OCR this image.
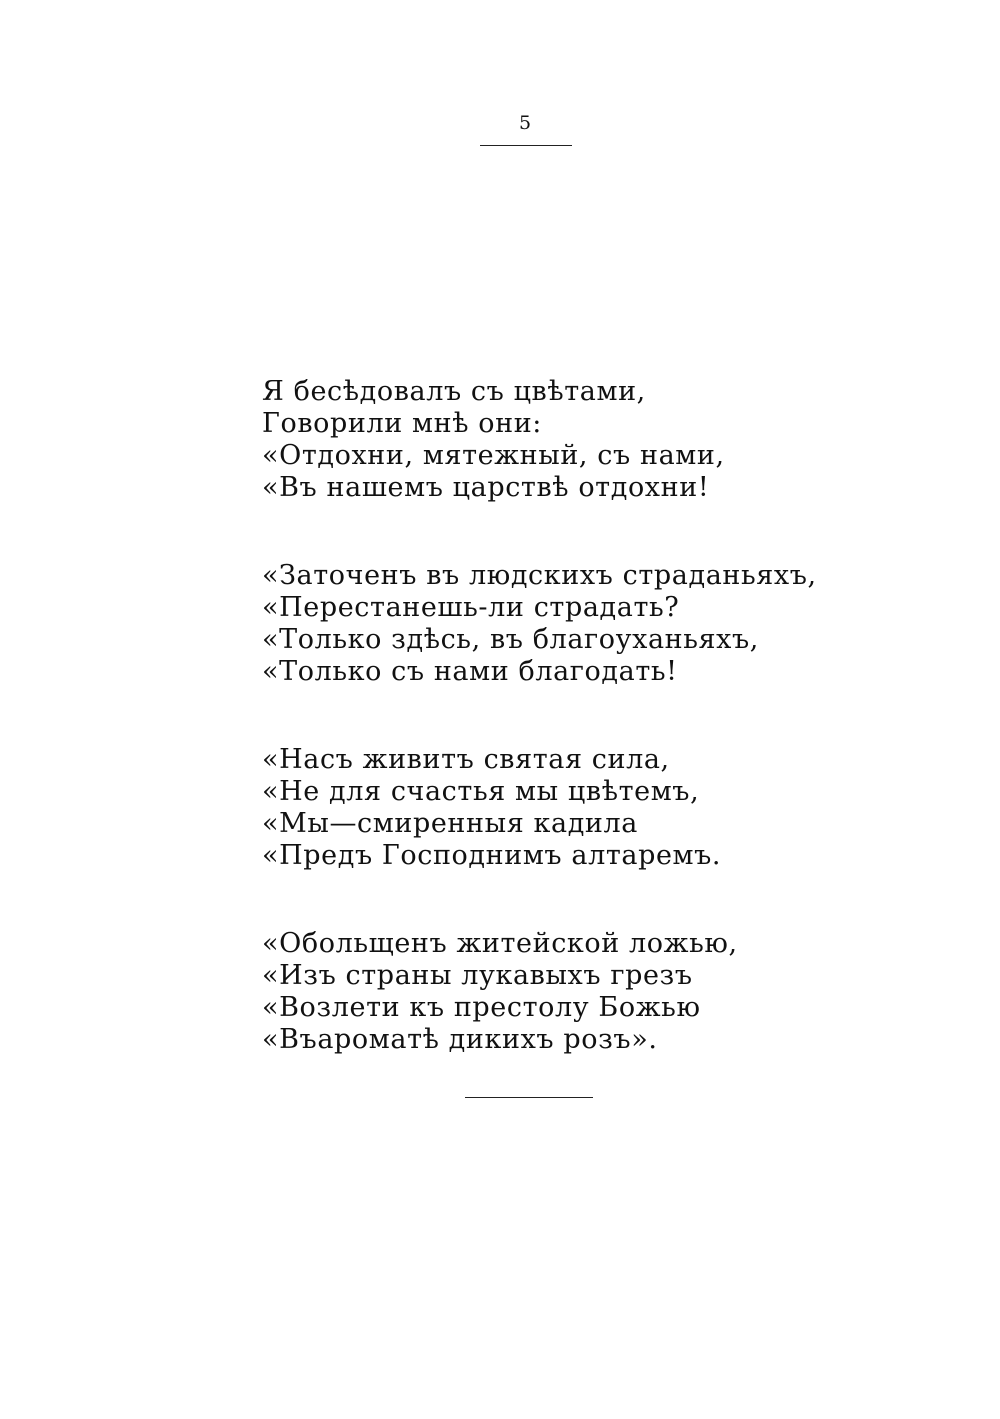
5
Я бесѣдовалъ съ цвѣтами,
Говорили мнѣ они:
«Отдохни, мятежный, съ нами,
«Въ нашемъ царствѣ отдохни!
«Заточенъ въ людскихъ страданьяхъ,
«Перестанешь-ли страдать?
«Только здѣсь, въ благоуханьяхъ,
«Только съ нами благодать!
«Насъ живитъ святая сила,
«Не для счастья мы цвѣтемъ,
«Мы—смиренныя кадила
«Предъ Господнимъ алтаремъ.
«Обольщенъ житейской ложью,
«Изъ страны лукавыхъ грезъ
«Возлети къ престолу Божью
«Въароматѣ дикихъ розъ».
